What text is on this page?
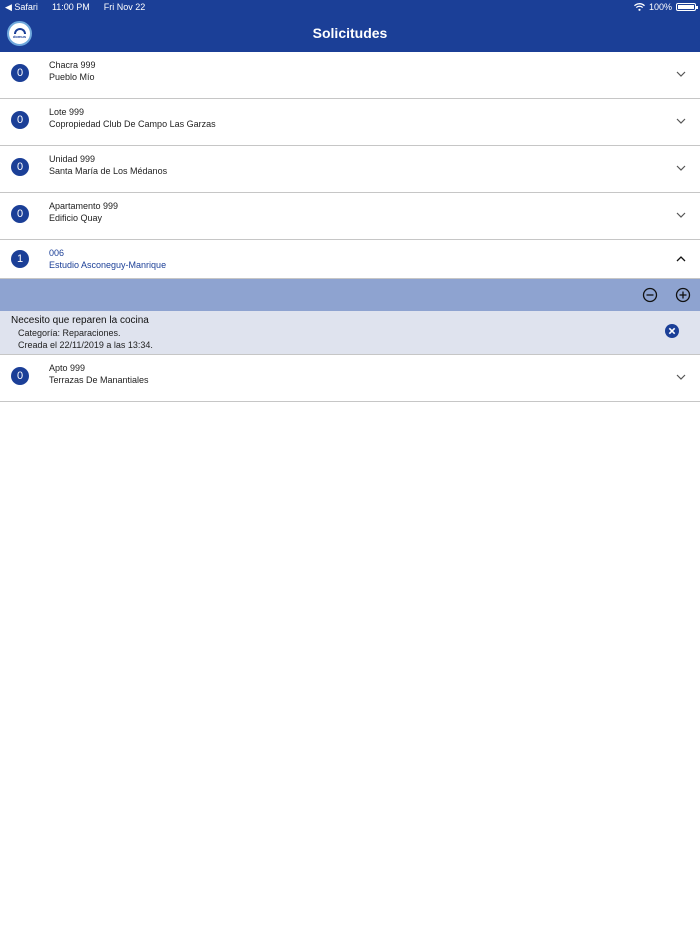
◀ Safari 11:00 PM Fri Nov 22	100%
domus	Solicitudes
0
Chacra 999
Pueblo Mío
0
Lote 999
Copropiedad Club De Campo Las Garzas
0
Unidad 999
Santa María de Los Médanos
0
Apartamento 999
Edificio Quay
1	006
Estudio Asconeguy-Manrique
Necesito que reparen la cocina
Categoría: Reparaciones.
Creada el 22/11/2019 a las 13:34.
0
Apto 999
Terrazas De Manantiales
